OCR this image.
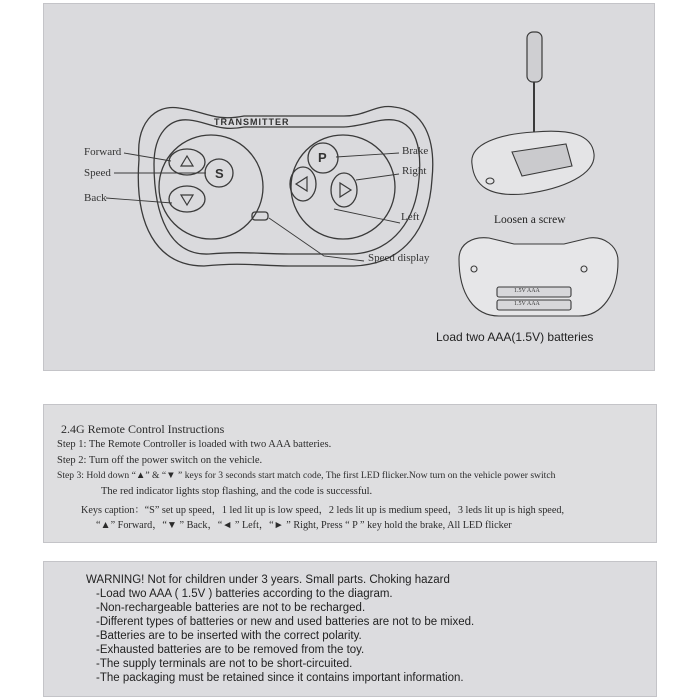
TRANSMITTER
S
P
Forward
Speed
Back
Brake
Right
Left
Speed display
Loosen a screw
1.5V AAA
1.5V AAA
Load two AAA(1.5V) batteries
2.4G Remote Control Instructions
Step 1: The Remote Controller is loaded with two AAA batteries.
Step 2: Turn off the power switch on the vehicle.
Step 3: Hold down “▲” & “▼ ” keys for 3 seconds start match code, The first LED flicker.Now turn on the vehicle power switch
The red indicator lights stop flashing, and the code is successful.
Keys caption：“S” set up speed，1 led lit up is low speed，2 leds lit up is medium speed，3 leds lit up is high speed,
“▲” Forward，“▼ ” Back，“◄ ” Left，“► ” Right, Press “ P ” key hold the brake, All LED flicker
WARNING! Not for children under 3 years. Small parts. Choking hazard
-Load two AAA ( 1.5V ) batteries according to the diagram.
-Non-rechargeable batteries are not to be recharged.
-Different types of batteries or new and used batteries are not to be mixed.
-Batteries are to be inserted with the correct polarity.
-Exhausted batteries are to be removed from the toy.
-The supply terminals are not to be short-circuited.
-The packaging must be retained since it contains important information.
